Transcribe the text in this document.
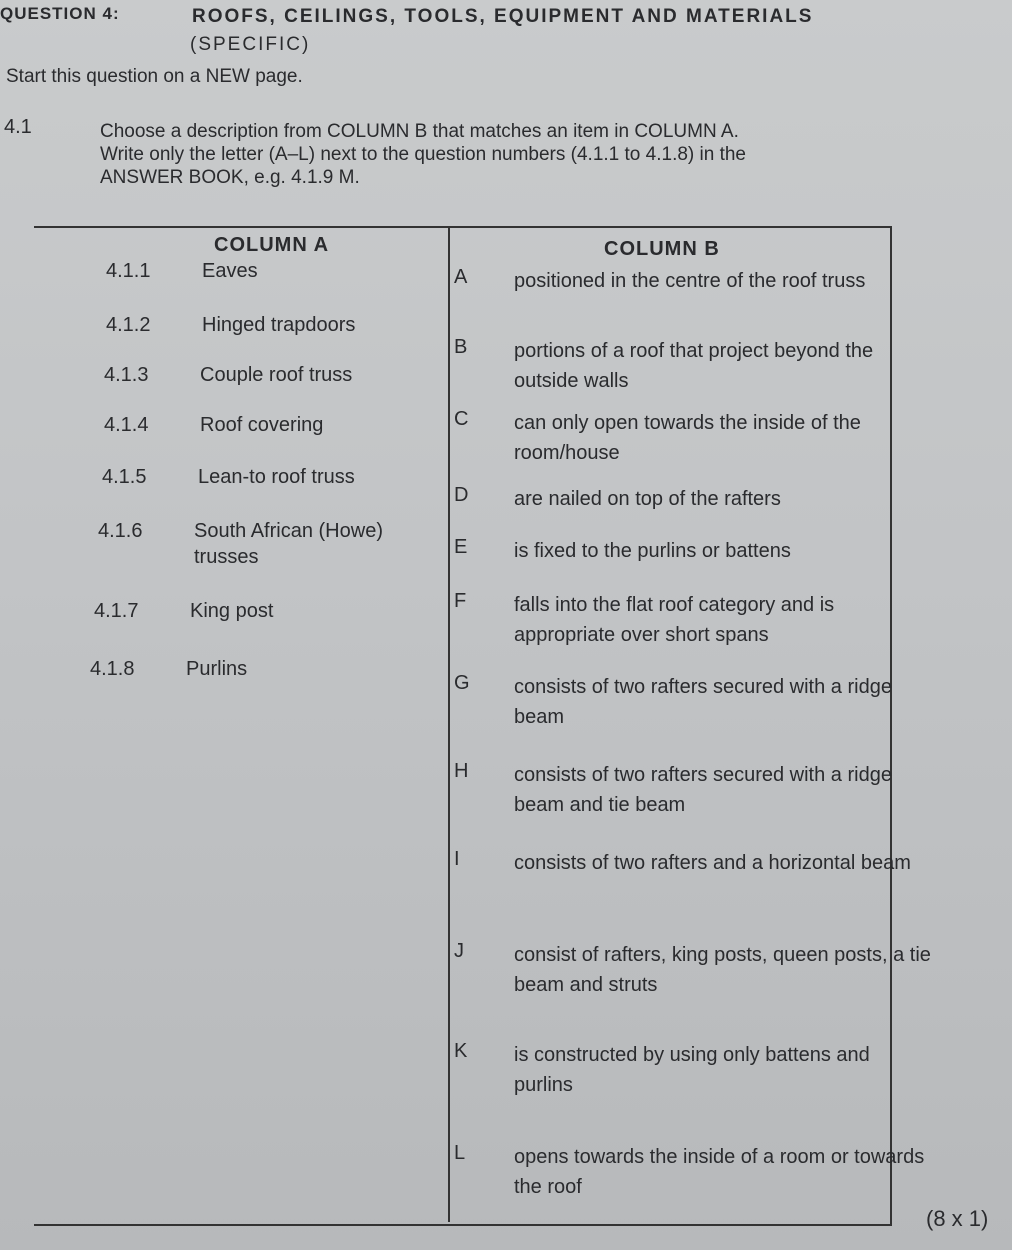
QUESTION 4:	ROOFS, CEILINGS, TOOLS, EQUIPMENT AND MATERIALS
(SPECIFIC)
Start this question on a NEW page.
4.1	Choose a description from COLUMN B that matches an item in COLUMN A.
Write only the letter (A–L) next to the question numbers (4.1.1 to 4.1.8) in the
ANSWER BOOK, e.g. 4.1.9 M.
COLUMN A	COLUMN B
4.1.1	Eaves
4.1.2	Hinged trapdoors
4.1.3	Couple roof truss
4.1.4	Roof covering
4.1.5	Lean-to roof truss
4.1.6	South African (Howe)
trusses
4.1.7	King post
4.1.8	Purlins
A positioned in the centre of the roof truss
B portions of a roof that project beyond the outside walls
C can only open towards the inside of the room/house
D are nailed on top of the rafters
E is fixed to the purlins or battens
F falls into the flat roof category and is appropriate over short spans
G consists of two rafters secured with a ridge beam
H consists of two rafters secured with a ridge beam and tie beam
I	consists of two rafters and a horizontal beam
J	consist of rafters, king posts, queen posts, a tie beam and struts
K is constructed by using only battens and purlins
L opens towards the inside of a room or towards the roof
(8 x 1)
